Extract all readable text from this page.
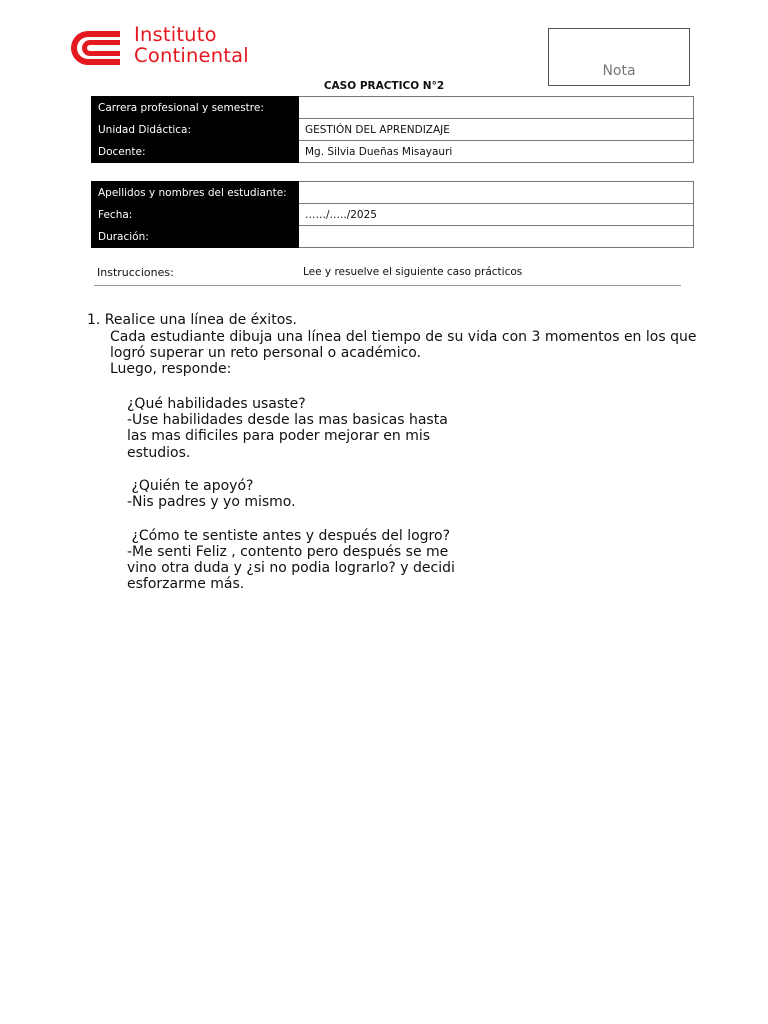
Instituto
Continental
Nota
CASO PRACTICO N°2
Carrera profesional y semestre:	
Unidad Didáctica:	GESTIÓN DEL APRENDIZAJE
Docente:	Mg. Silvia Dueñas Misayauri
Apellidos y nombres del estudiante:	
Fecha:	……/…../2025
Duración:	
Instrucciones:	Lee y resuelve el siguiente caso prácticos
1. Realice una línea de éxitos.
Cada estudiante dibuja una línea del tiempo de su vida con 3 momentos en los que
logró superar un reto personal o académico.
Luego, responde:
¿Qué habilidades usaste?
-Use habilidades desde las mas basicas hasta
las mas dificiles para poder mejorar en mis
estudios.
¿Quién te apoyó?
-Nis padres y yo mismo.
¿Cómo te sentiste antes y después del logro?
-Me senti Feliz , contento pero después se me
vino otra duda y ¿si no podia lograrlo? y decidi
esforzarme más.
